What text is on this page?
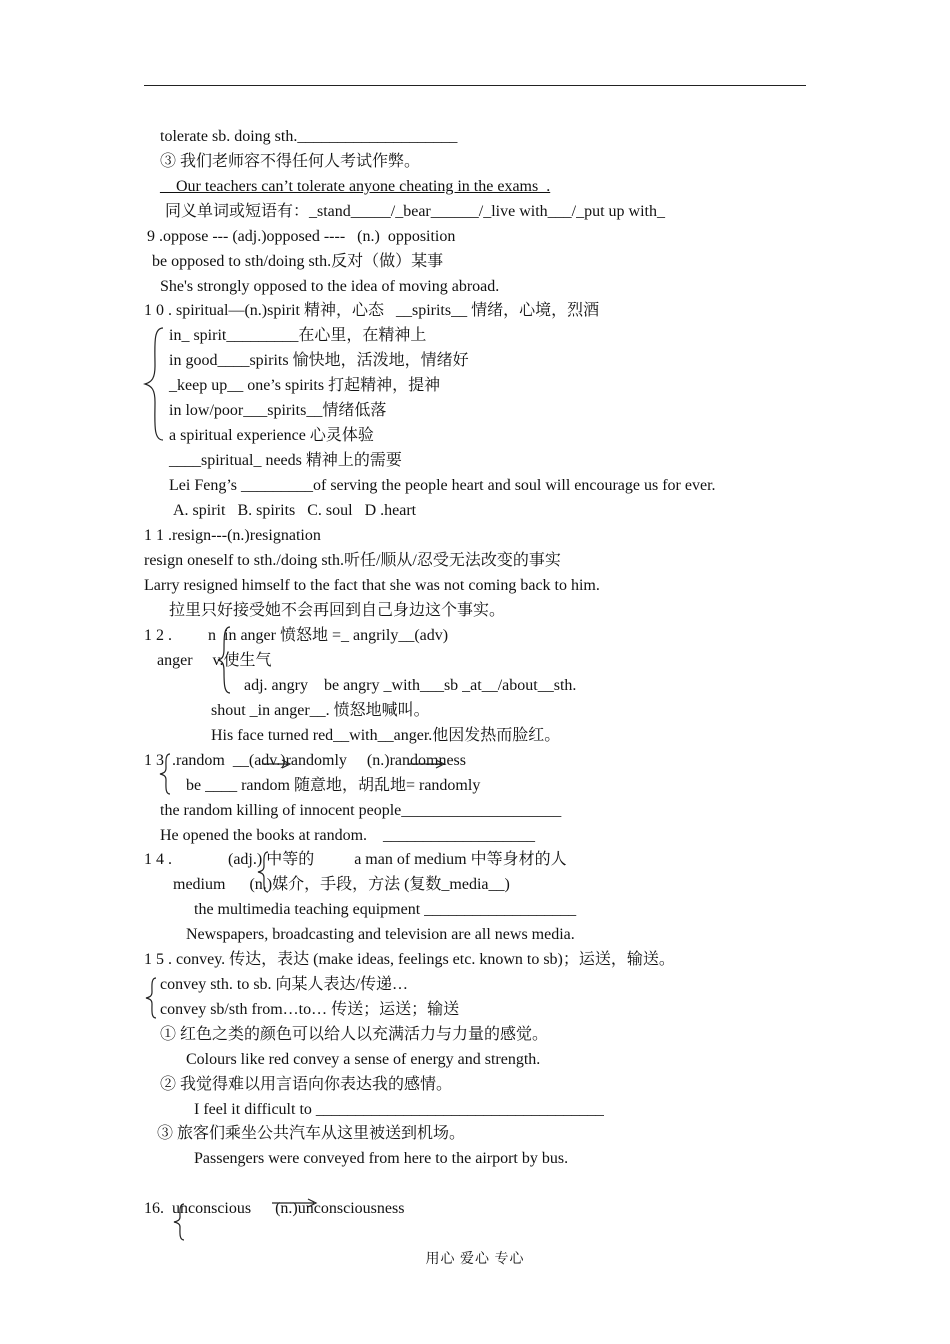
tolerate sb. doing sth.____________________
③ 我们老师容不得任何人考试作弊。
__Our teachers can’t tolerate anyone cheating in the exams_.
同义单词或短语有：_stand_____/_bear______/_live with___/_put up with_
9 .oppose --- (adj.)opposed ----   (n.)  opposition
be opposed to sth/doing sth.反对（做）某事
She's strongly opposed to the idea of moving abroad.
1 0 . spiritual—(n.)spirit 精神，心态   __spirits__ 情绪，心境，烈酒
in_ spirit_________在心里，在精神上
in good____spirits 愉快地，活泼地，情绪好
_keep up__ one’s spirits 打起精神，提神
in low/poor___spirits__情绪低落
a spiritual experience 心灵体验
____spiritual_ needs 精神上的需要
Lei Feng’s _________of serving the people heart and soul will encourage us for ever.
A. spirit   B. spirits   C. soul   D .heart
1 1 .resign---(n.)resignation
resign oneself to sth./doing sth.听任/顺从/忍受无法改变的事实
Larry resigned himself to the fact that she was not coming back to him.
拉里只好接受她不会再回到自己身边这个事实。
1 2 .         n  in anger 愤怒地 =_ angrily__(adv)
anger     v.使生气
adj. angry    be angry _with___sb _at__/about__sth.
shout _in anger__. 愤怒地喊叫。
His face turned red__with__anger.他因发热而脸红。
1 3  .random  __(adv.)randomly     (n.)randomness
be ____ random 随意地，胡乱地= randomly
the random killing of innocent people____________________
He opened the books at random.    ___________________
1 4 .              (adj.) 中等的          a man of medium 中等身材的人
medium      (n.)媒介，手段，方法 (复数_media__)
the multimedia teaching equipment ___________________
Newspapers, broadcasting and television are all news media.
1 5 . convey. 传达，表达 (make ideas, feelings etc. known to sb)；运送，输送。
convey sth. to sb. 向某人表达/传递…
convey sb/sth from…to… 传送；运送；输送
① 红色之类的颜色可以给人以充满活力与力量的感觉。
Colours like red convey a sense of energy and strength.
② 我觉得难以用言语向你表达我的感情。
I feel it difficult to ____________________________________
③ 旅客们乘坐公共汽车从这里被送到机场。
Passengers were conveyed from here to the airport by bus.
16.  unconscious      (n.)unconsciousness
用心 爱心 专心
